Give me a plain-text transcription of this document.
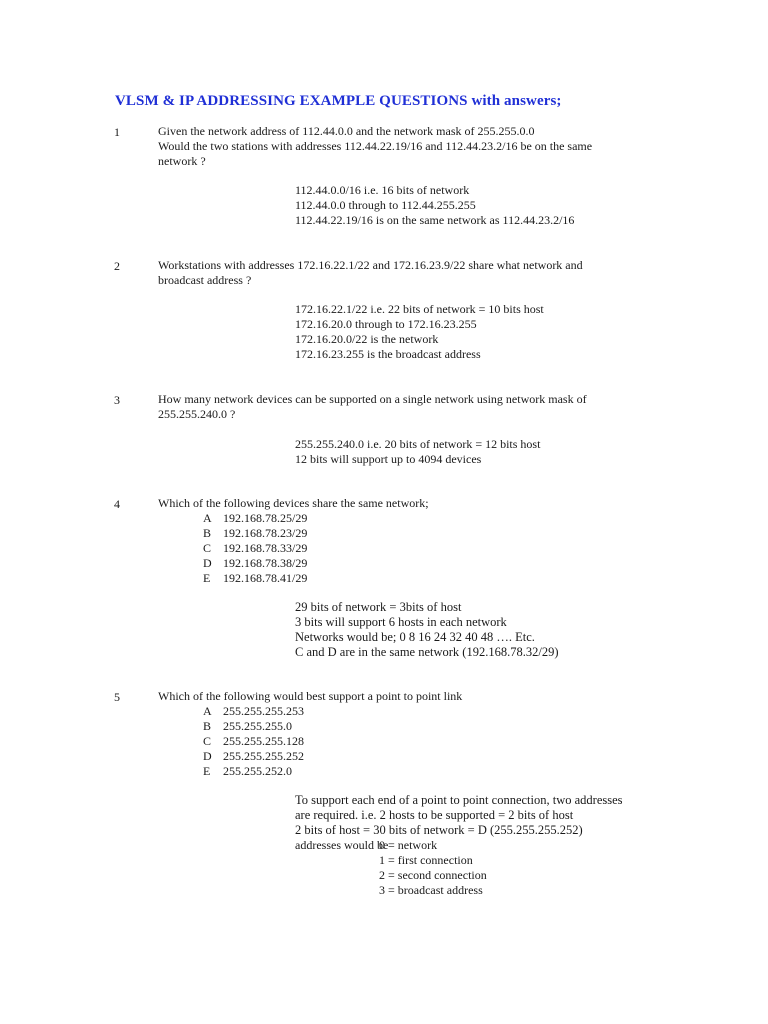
VLSM & IP ADDRESSING EXAMPLE QUESTIONS with answers;
1	Given the network address of 112.44.0.0 and the network mask of 255.255.0.0
Would the two stations with addresses 112.44.22.19/16 and 112.44.23.2/16 be on the same
network ?
112.44.0.0/16 i.e. 16 bits of network
112.44.0.0 through to 112.44.255.255
112.44.22.19/16 is on the same network as 112.44.23.2/16
2	Workstations with addresses 172.16.22.1/22 and 172.16.23.9/22 share what network and
broadcast address ?
172.16.22.1/22 i.e. 22 bits of network = 10 bits host
172.16.20.0 through to 172.16.23.255
172.16.20.0/22 is the network
172.16.23.255 is the broadcast address
3	How many network devices can be supported on a single network using network mask of
255.255.240.0 ?
255.255.240.0 i.e. 20 bits of network = 12 bits host
12 bits will support up to 4094 devices
4	Which of the following devices share the same network;
A 192.168.78.25/29
B 192.168.78.23/29
C 192.168.78.33/29
D 192.168.78.38/29
E	192.168.78.41/29
29 bits of network = 3bits of host
3 bits will support 6 hosts in each network
Networks would be; 0 8 16 24 32 40 48 …. Etc.
C and D are in the same network (192.168.78.32/29)
5	Which of the following would best support a point to point link
A 255.255.255.253
B 255.255.255.0
C 255.255.255.128
D 255.255.255.252
E	255.255.252.0
To support each end of a point to point connection, two addresses
are required. i.e. 2 hosts to be supported = 2 bits of host
2 bits of host = 30 bits of network = D (255.255.255.252)
addresses would be
0 = network
1 = first connection
2 = second connection
3 = broadcast address
